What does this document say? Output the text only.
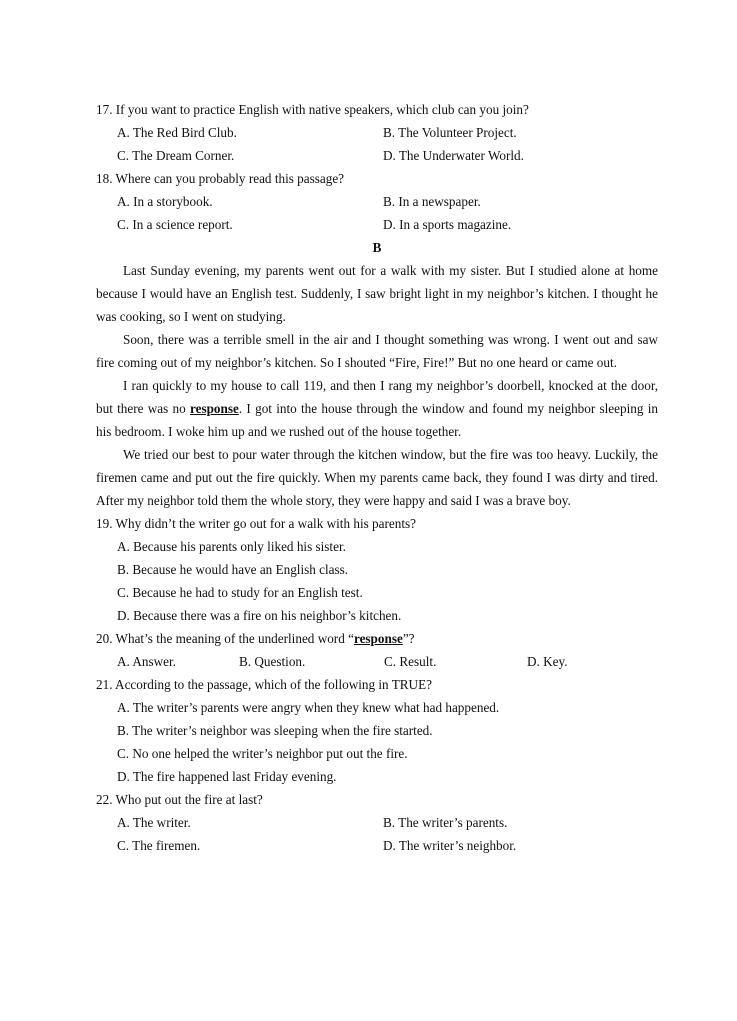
17. If you want to practice English with native speakers, which club can you join?
A. The Red Bird Club.	B. The Volunteer Project.
C. The Dream Corner.	D. The Underwater World.
18. Where can you probably read this passage?
A. In a storybook.	B. In a newspaper.
C. In a science report.	D. In a sports magazine.
B

Last Sunday evening, my parents went out for a walk with my sister. But I studied alone at home because I would have an English test. Suddenly, I saw bright light in my neighbor’s kitchen. I thought he was cooking, so I went on studying.

Soon, there was a terrible smell in the air and I thought something was wrong. I went out and saw fire coming out of my neighbor’s kitchen. So I shouted “Fire, Fire!” But no one heard or came out.

I ran quickly to my house to call 119, and then I rang my neighbor’s doorbell, knocked at the door, but there was no response. I got into the house through the window and found my neighbor sleeping in his bedroom. I woke him up and we rushed out of the house together.

We tried our best to pour water through the kitchen window, but the fire was too heavy. Luckily, the firemen came and put out the fire quickly. When my parents came back, they found I was dirty and tired. After my neighbor told them the whole story, they were happy and said I was a brave boy.

19. Why didn’t the writer go out for a walk with his parents?
A. Because his parents only liked his sister.
B. Because he would have an English class.
C. Because he had to study for an English test.
D. Because there was a fire on his neighbor’s kitchen.
20. What’s the meaning of the underlined word “response”?
A. Answer.	B. Question.	C. Result.	D. Key.
21. According to the passage, which of the following in TRUE?
A. The writer’s parents were angry when they knew what had happened.
B. The writer’s neighbor was sleeping when the fire started.
C. No one helped the writer’s neighbor put out the fire.
D. The fire happened last Friday evening.
22. Who put out the fire at last?
A. The writer.	B. The writer’s parents.
C. The firemen.	D. The writer’s neighbor.
